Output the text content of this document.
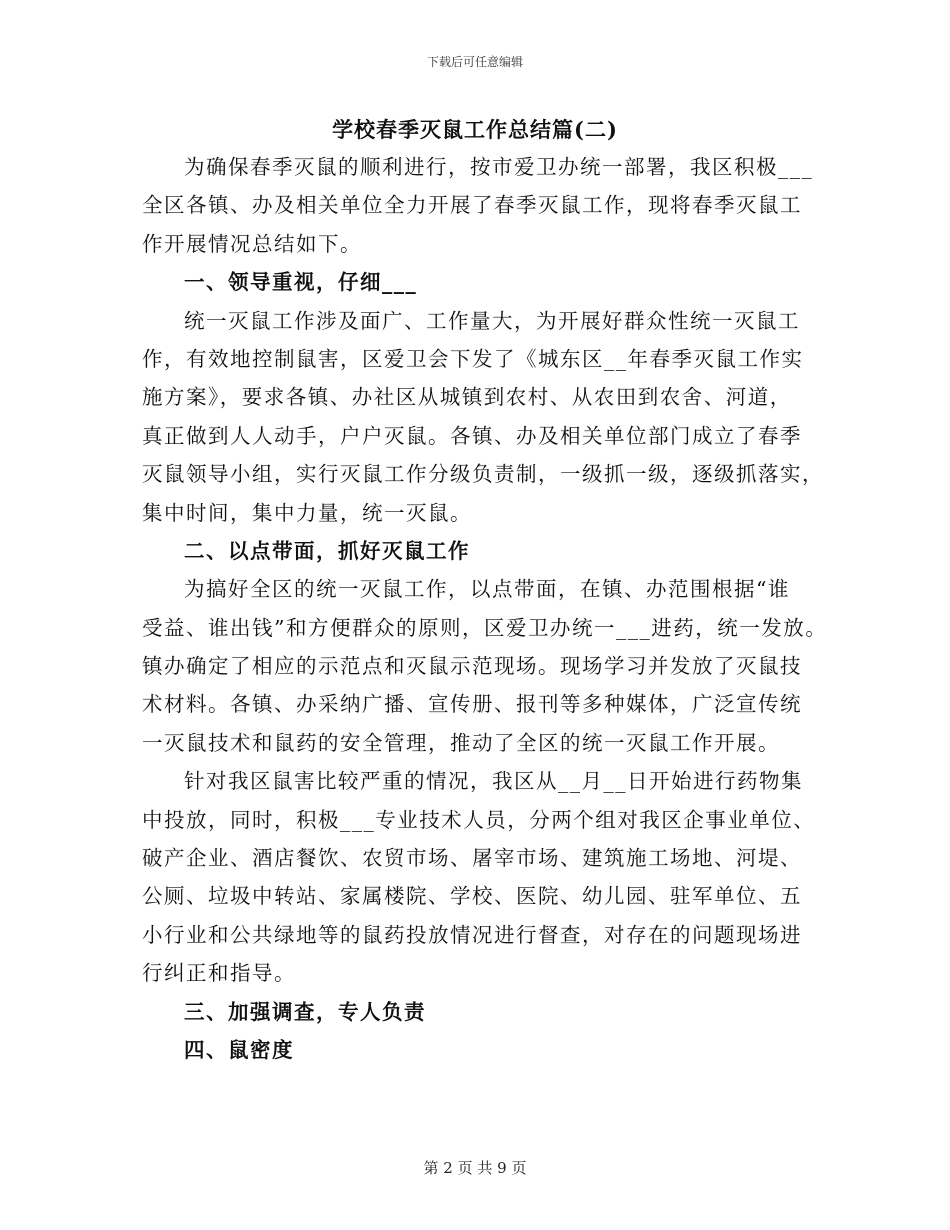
下载后可任意编辑
学校春季灭鼠工作总结篇(二)
为确保春季灭鼠的顺利进行，按市爱卫办统一部署，我区积极___
全区各镇、办及相关单位全力开展了春季灭鼠工作，现将春季灭鼠工
作开展情况总结如下。
一、领导重视，仔细___
统一灭鼠工作涉及面广、工作量大，为开展好群众性统一灭鼠工
作，有效地控制鼠害，区爱卫会下发了《城东区__年春季灭鼠工作实
施方案》，要求各镇、办社区从城镇到农村、从农田到农舍、河道，
真正做到人人动手，户户灭鼠。各镇、办及相关单位部门成立了春季
灭鼠领导小组，实行灭鼠工作分级负责制，一级抓一级，逐级抓落实，
集中时间，集中力量，统一灭鼠。
二、以点带面，抓好灭鼠工作
为搞好全区的统一灭鼠工作，以点带面，在镇、办范围根据“谁
受益、谁出钱”和方便群众的原则，区爱卫办统一___进药，统一发放。
镇办确定了相应的示范点和灭鼠示范现场。现场学习并发放了灭鼠技
术材料。各镇、办采纳广播、宣传册、报刊等多种媒体，广泛宣传统
一灭鼠技术和鼠药的安全管理，推动了全区的统一灭鼠工作开展。
针对我区鼠害比较严重的情况，我区从__月__日开始进行药物集
中投放，同时，积极___专业技术人员，分两个组对我区企事业单位、
破产企业、酒店餐饮、农贸市场、屠宰市场、建筑施工场地、河堤、
公厕、垃圾中转站、家属楼院、学校、医院、幼儿园、驻军单位、五
小行业和公共绿地等的鼠药投放情况进行督查，对存在的问题现场进
行纠正和指导。
三、加强调查，专人负责
四、鼠密度
第 2 页 共 9 页
